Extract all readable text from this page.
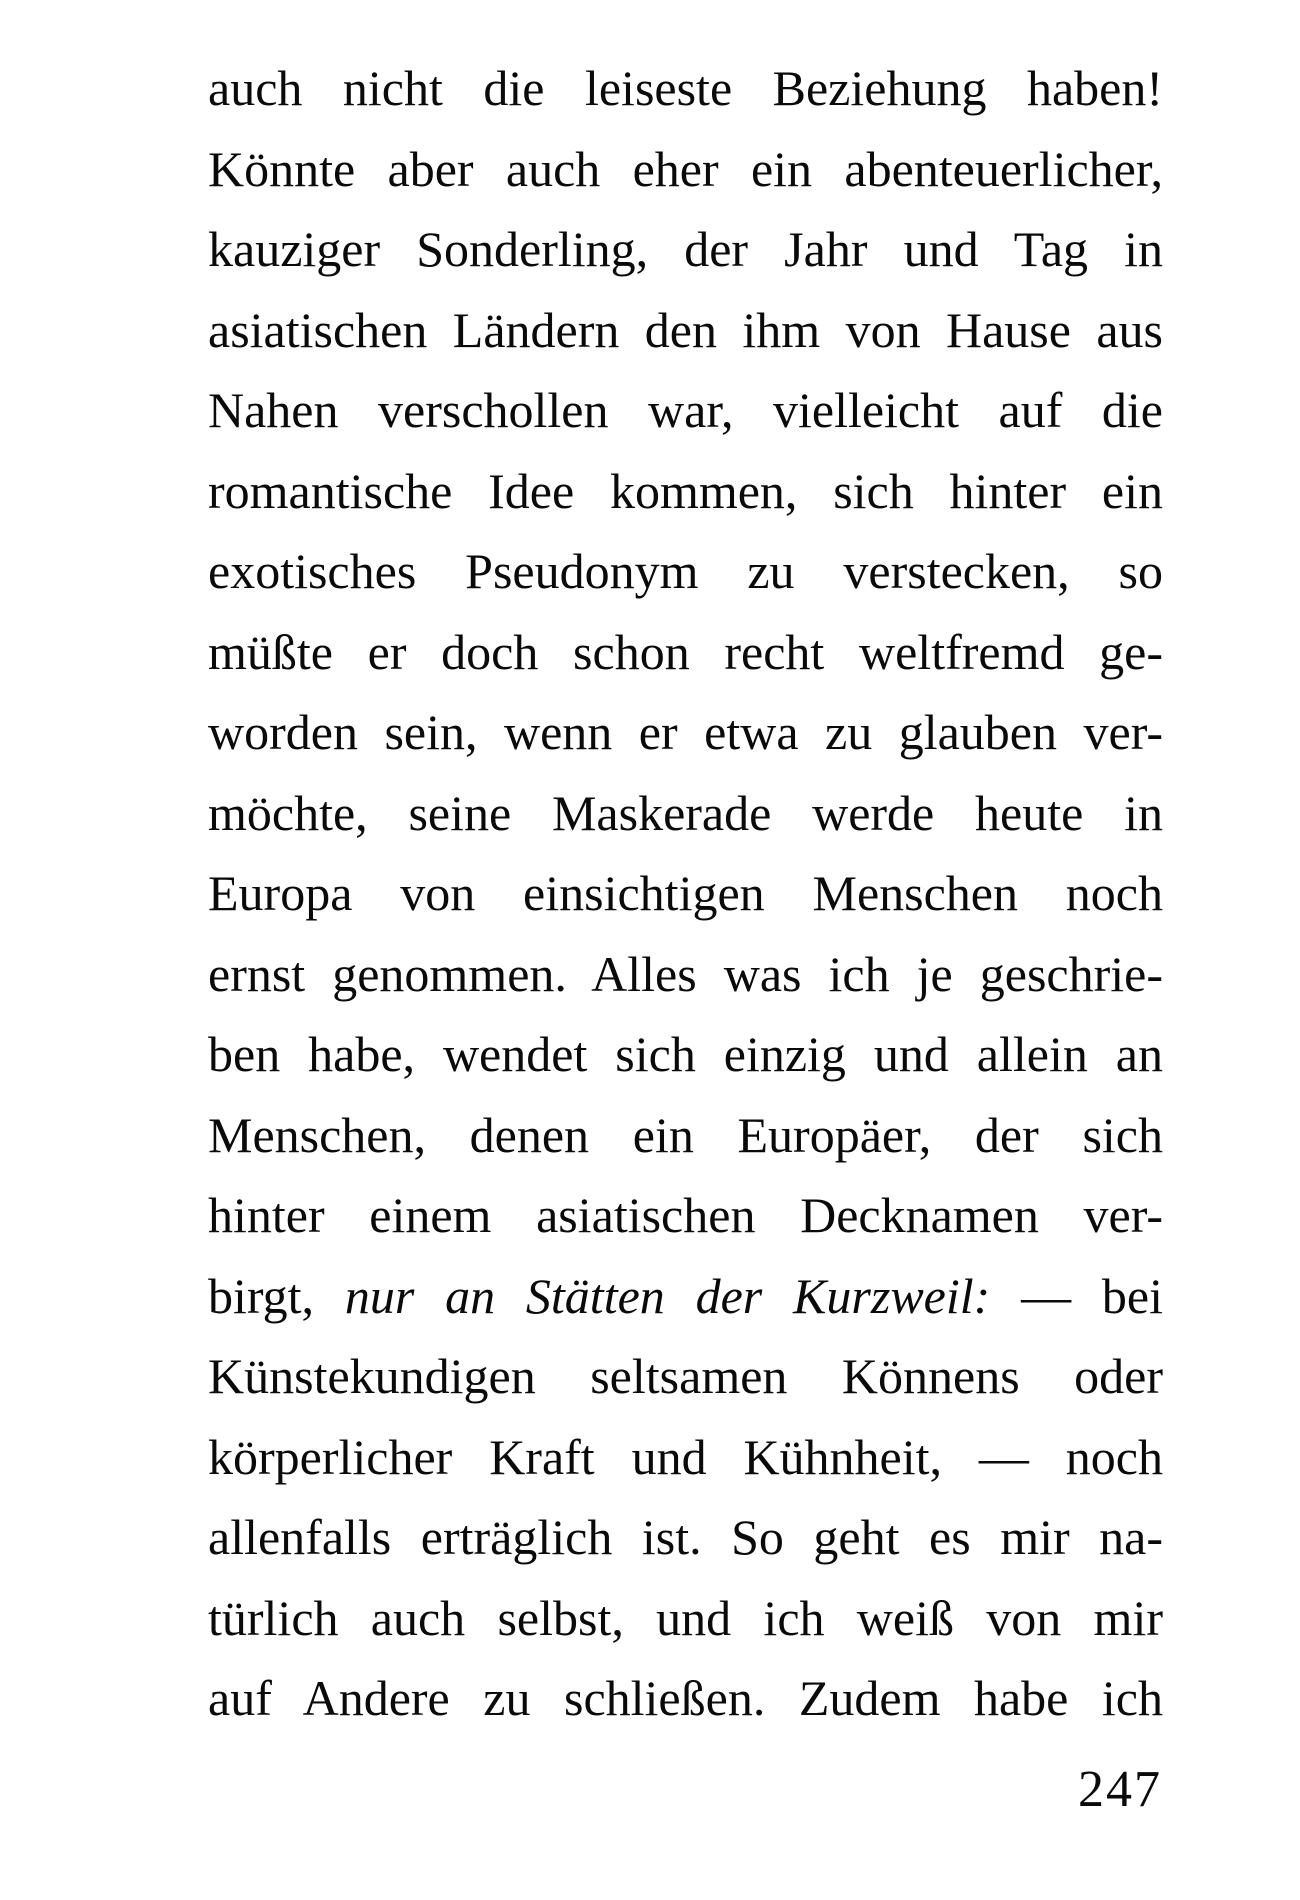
auch nicht die leiseste Beziehung haben!
Könnte aber auch eher ein abenteuerlicher,
kauziger Sonderling, der Jahr und Tag in
asiatischen Ländern den ihm von Hause aus
Nahen verschollen war, vielleicht auf die
romantische Idee kommen, sich hinter ein
exotisches Pseudonym zu verstecken, so
müßte er doch schon recht weltfremd ge-
worden sein, wenn er etwa zu glauben ver-
möchte, seine Maskerade werde heute in
Europa von einsichtigen Menschen noch
ernst genommen. Alles was ich je geschrie-
ben habe, wendet sich einzig und allein an
Menschen, denen ein Europäer, der sich
hinter einem asiatischen Decknamen ver-
birgt, nur an Stätten der Kurzweil: — bei
Künstekundigen seltsamen Könnens oder
körperlicher Kraft und Kühnheit, — noch
allenfalls erträglich ist. So geht es mir na-
türlich auch selbst, und ich weiß von mir
auf Andere zu schließen. Zudem habe ich
247
